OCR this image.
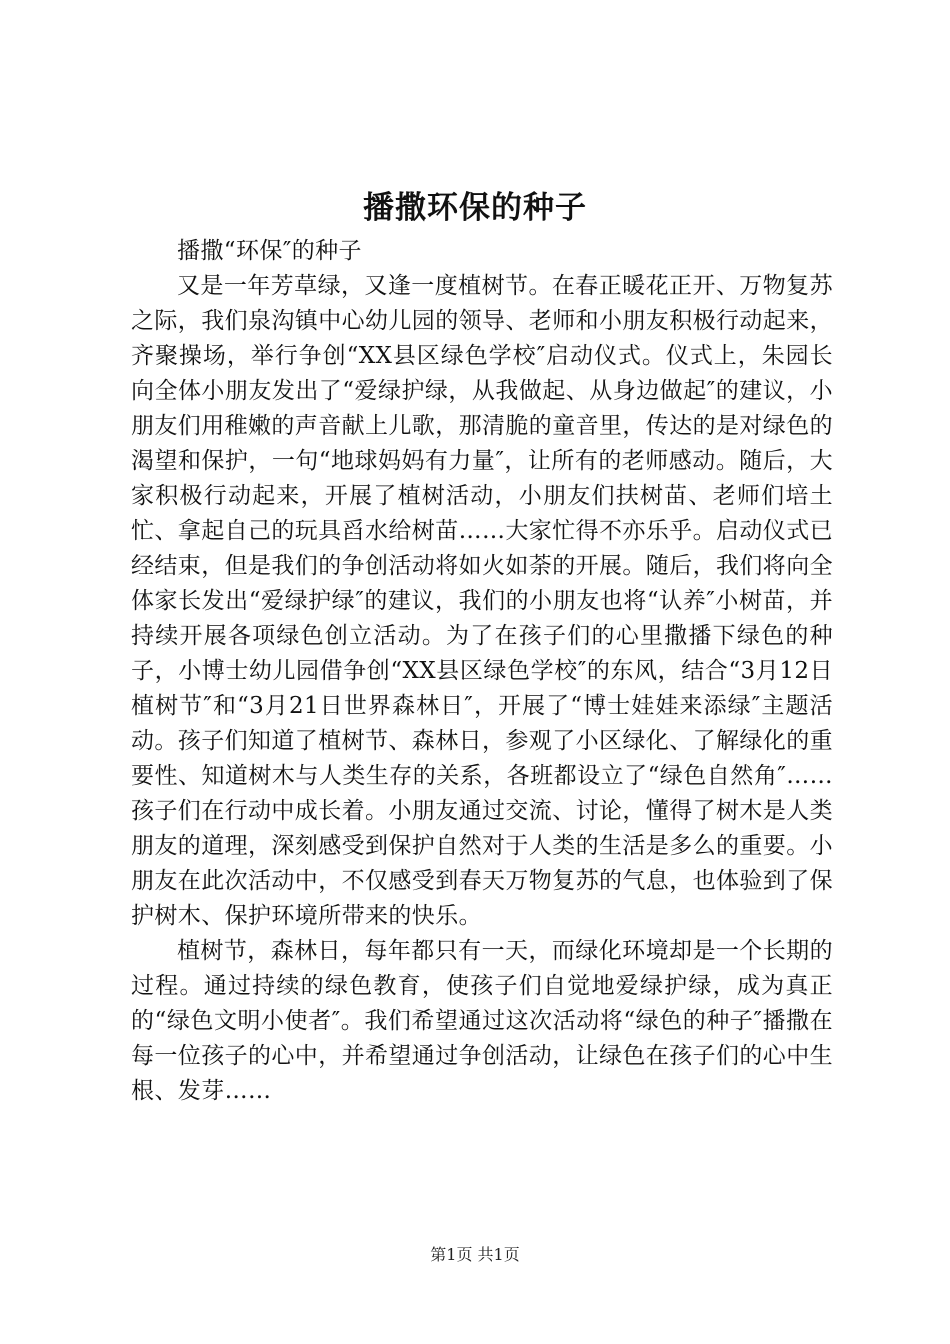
播撒环保的种子

播撒“环保″的种子

又是一年芳草绿，又逢一度植树节。在春正暖花正开、万物复苏之际，我们泉沟镇中心幼儿园的领导、老师和小朋友积极行动起来，齐聚操场，举行争创“XX县区绿色学校″启动仪式。仪式上，朱园长向全体小朋友发出了“爱绿护绿，从我做起、从身边做起″的建议，小朋友们用稚嫩的声音献上儿歌，那清脆的童音里，传达的是对绿色的渴望和保护，一句“地球妈妈有力量″，让所有的老师感动。随后，大家积极行动起来，开展了植树活动，小朋友们扶树苗、老师们培土忙、拿起自己的玩具舀水给树苗……大家忙得不亦乐乎。启动仪式已经结束，但是我们的争创活动将如火如荼的开展。随后，我们将向全体家长发出“爱绿护绿″的建议，我们的小朋友也将“认养″小树苗，并持续开展各项绿色创立活动。为了在孩子们的心里撒播下绿色的种子，小博士幼儿园借争创“XX县区绿色学校″的东风，结合“3月12日植树节″和“3月21日世界森林日″，开展了“博士娃娃来添绿″主题活动。孩子们知道了植树节、森林日，参观了小区绿化、了解绿化的重要性、知道树木与人类生存的关系，各班都设立了“绿色自然角″……孩子们在行动中成长着。小朋友通过交流、讨论，懂得了树木是人类朋友的道理，深刻感受到保护自然对于人类的生活是多么的重要。小朋友在此次活动中，不仅感受到春天万物复苏的气息，也体验到了保护树木、保护环境所带来的快乐。

植树节，森林日，每年都只有一天，而绿化环境却是一个长期的过程。通过持续的绿色教育，使孩子们自觉地爱绿护绿，成为真正的“绿色文明小使者″。我们希望通过这次活动将“绿色的种子″播撒在每一位孩子的心中，并希望通过争创活动，让绿色在孩子们的心中生根、发芽……

第1页 共1页
